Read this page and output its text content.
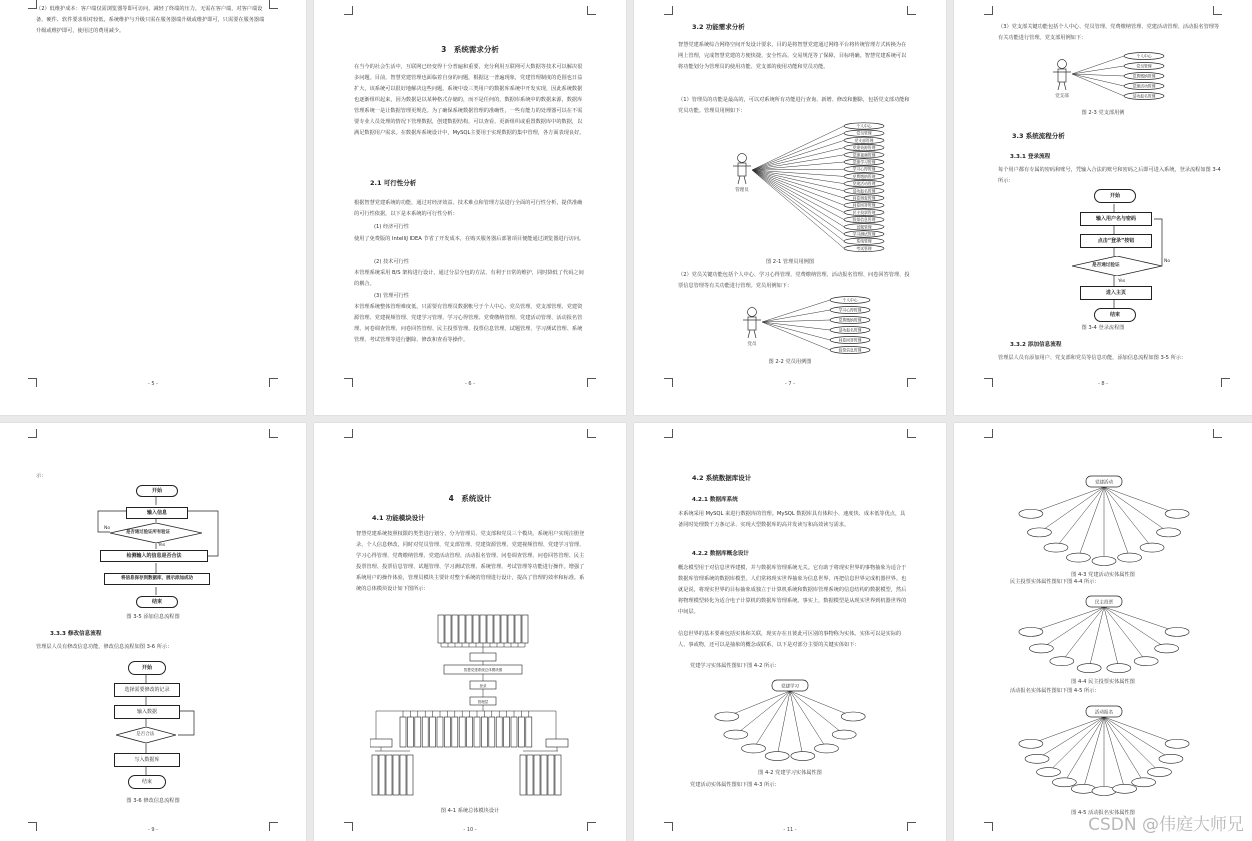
（2）低维护成本：客户端仅需浏览器等即可访问，减轻了终端的压力。无需在客户端，对客户端设备、硬件、软件要求相对较低，系统维护与升级只需在服务器端升级或维护即可，只需要在服务器端升级或维护即可，使用过的费用减少。
- 5 -
3　系统需求分析
在当今的社会生活中，互联网已经变得十分普遍和重要，充分利用互联网可大数据等技术可以解决很多问题。目前，智慧党建管理也面临着自身的问题，根据这一普遍现象，党建管理制度的范围也日益扩大，该系统可以很好地解决这些问题，系统中设三类用户的数据库系统中开发实现，因此系统数据也逐渐组织起来，因为数据是以某种格式存储的，而不是任何的，数据库系统中的数据来源，数据库管理系统一是让数据管理更规范。为了确保系统数据管理的准确性，一些有能力的处理器可以在不需要专业人员处理的情况下管理数据，创建数据结构，可以查看、更新组织或重置数据库中的数据，以满足数据用户需求。在数据库系统设计中，MySQL主要用于实现数据的集中管理，各方面表现良好。
2.1 可行性分析
根据智慧党建系统的功能，通过对经济效益、技术难点和管理方法进行全面的可行性分析，提供准确的可行性依据，以下是本系统的可行性分析：
(1) 经济可行性
使用了免费版的 IntelliJ IDEA 节省了开发成本，在购买服务器后部署项目便能通过浏览器进行访问。
(2) 技术可行性
本管理系统采用 B/S 架构进行设计，通过分层分包的方法，有利于日常的维护，同时降低了代码之间的耦合。
(3) 管理可行性
本管理系统整体管理难度低，只需要有管理员数据帐号于个人中心、党员管理、党支部管理、党建资源管理、党建视频管理、党建学习管理、学习心得管理、党费缴纳管理、党建活动管理、活动报名管理、问卷调查管理、问卷回答管理、民主投票管理、投票信息管理、试题管理、学习测试管理、系统管理、考试管理等进行删除、修改和查看等操作。
- 6 -
3.2 功能需求分析
智慧党建系统综合网络空间开发设计要求，目的是将智慧党建通过网络平台将传统管理方式转换为在网上管理，完成智慧党建的方便快捷、安全性高、交易规范等了保障，目标明确。智慧党建系统可以将功能划分为管理员的使用功能、党支部的使用功能和党员功能。
（1）管理员的功能是最高的，可以对系统所有功能进行查询、新增、修改和删除，包括党支部功能和党员功能。管理员用例如下：
管理员
个人中心
党员管理
党支部管理
党建资源管理
党建视频管理
党建学习管理
学习心得管理
党费缴纳管理
党建活动管理
活动报名管理
问卷调查管理
问卷回答管理
民主投票管理
投票信息管理
试题管理
学习测试管理
系统管理
考试管理
图 2-1 管理员用例图
（2）党员关键功能包括个人中心、学习心得管理、党费缴纳管理、活动报名管理、问卷回答管理、投票信息管理等有关功能进行管理。党员用例如下：
党员
个人中心
学习心得管理
党费缴纳管理
活动报名管理
问卷回答管理
投票信息管理
图 2-2 党员用例图
- 7 -
（3）党支部关键功能包括个人中心、党员管理、党费缴纳管理、党建活动管理、活动报名管理等有关功能进行管理。党支部用例如下：
党支部
个人中心
党员管理
党费缴纳管理
党建活动管理
活动报名管理
图 2-3 党支部用例
3.3 系统流程分析
3.3.1 登录流程
每个用户都有专属的密码和账号，凭输入合法的账号和密码之后即可进入系统，登录流程如图 3-4 所示：
开始
输入用户名与密码
点击“登录”按钮
是否通过验证
No
Yes
进入主页
结束
图 3-4 登录流程图
3.3.2 添加信息流程
管理层人员有添加用户、党支部和党员等信息功能，添加信息流程如图 3-5 所示：
- 8 -
示：
开始
输入信息
是否通过验证所有验证
No
Yes
检测输入的信息是否合法
将信息保存到数据库，展示添加成功
结束
图 3-5 添加信息流程图
3.3.3 修改信息流程
管理层人员有修改信息功能，修改信息流程如图 3-6 所示：
开始
选择需要修改的记录
输入数据
是否合法
写入数据库
结束
图 3-6 修改信息流程图
- 9 -
4　系统设计
4.1 功能模块设计
智慧党建系统按照权限的类型进行划分，分为管理员、党支部和党员三个模块。系统用户实现注册登录，个人信息修改，同时对党员管理、党支部管理、党建资源管理、党建视频管理、党建学习管理、学习心得管理、党费缴纳管理、党建活动管理、活动报名管理、问卷调查管理、问卷回答管理、民主投票管理、投票信息管理、试题管理、学习测试管理、系统管理、考试管理等功能进行操作。增强了系统用户的操作体验，管理员模块主要针对整个系统的管理进行设计，提高了管理的效率和标准。系统的总体模块设计如下图所示：
智慧党建系统总体模块图
登录
管理层
图 4-1 系统总体模块设计
- 10 -
4.2 系统数据库设计
4.2.1 数据库系统
本系统采用 MySQL 来进行数据库的管理。MySQL 数据库具有体积小、速度快、成本低等优点，具备同时处理数千万条记录、实现大型数据库的高并发读写和高效读写需求。
4.2.2 数据库概念设计
概念模型用于对信息世界建模，并与数据库管理系统无关。它有助于将现实世界的事物抽象为适合于数据库管理系统的数据库模型。人们常将现实世界抽象为信息世界，再把信息世界完成机器世界。也就是说，将现实世界的目标抽象成独立于计算机系统和数据库管理系统的信息结构的数据模型，然后将物理模型转化为适合电子计算机的数据库管理系统。事实上，数据模型是从现实世界到机器世界的中间层。
信息世界的基本要素包括实体和关联，现实存在且彼此可区别的事物称为实体。实体可以是实际的人、事或物，还可以是抽象的概念或联系，以下是对部分主要的关键实体如下：
党建学习实体属性图如下图 4-2 所示：
党建学习
图 4-2 党建学习实体属性图
党建活动实体属性图如下图 4-3 所示：
- 11 -
党建活动
图 4-3 党建活动实体属性图
民主投票实体属性图如下图 4-4 所示：
民主投票
图 4-4 民主投票实体属性图
活动报名实体属性图如下图 4-5 所示：
活动报名
图 4-5 活动报名实体属性图
CSDN @伟庭大师兄
